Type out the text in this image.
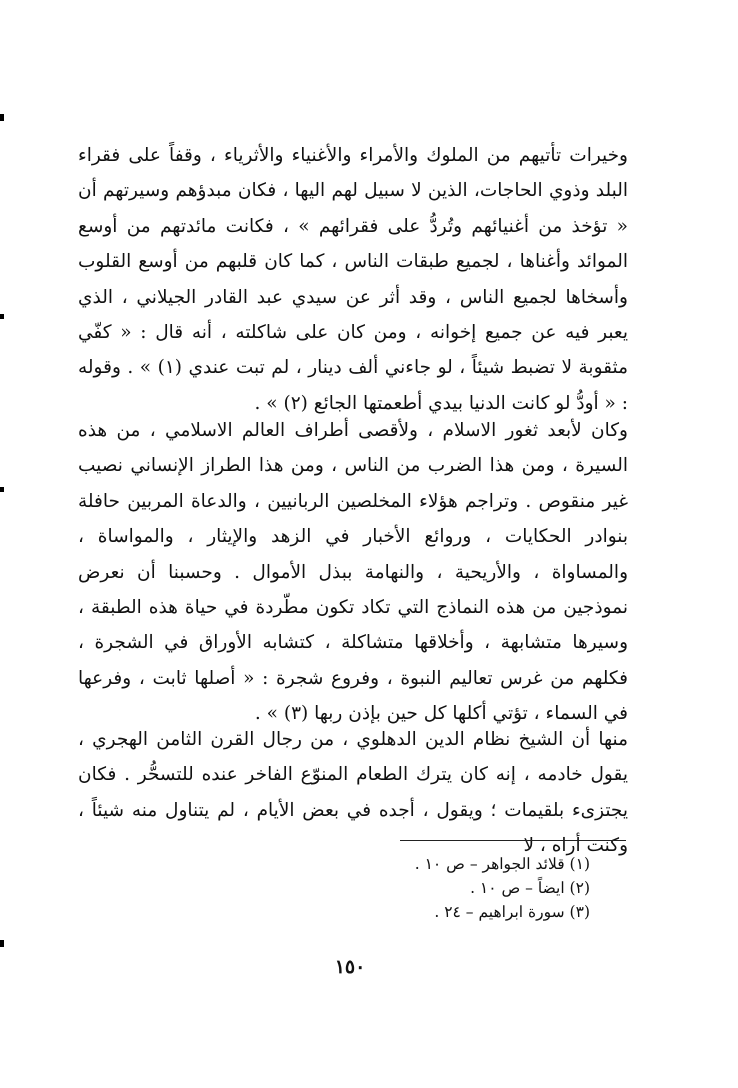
وخيرات تأتيهم من الملوك والأمراء والأغنياء والأثرياء ، وقفاً على فقراء البلد وذوي الحاجات، الذين لا سبيل لهم اليها ، فكان مبدؤهم وسيرتهم أن « تؤخذ من أغنيائهم وتُردُّ على فقرائهم » ، فكانت مائدتهم من أوسع الموائد وأغناها ، لجميع طبقات الناس ، كما كان قلبهم من أوسع القلوب وأسخاها لجميع الناس ، وقد أثر عن سيدي عبد القادر الجيلاني ، الذي يعبر فيه عن جميع إخوانه ، ومن كان على شاكلته ، أنه قال : « كفّي مثقوبة لا تضبط شيئاً ، لو جاءني ألف دينار ، لم تبت عندي (١) » . وقوله : « أودُّ لو كانت الدنيا بيدي أطعمتها الجائع (٢) » .

وكان لأبعد ثغور الاسلام ، ولأقصى أطراف العالم الاسلامي ، من هذه السيرة ، ومن هذا الضرب من الناس ، ومن هذا الطراز الإنساني نصيب غير منقوص . وتراجم هؤلاء المخلصين الربانيين ، والدعاة المربين حافلة بنوادر الحكايات ، وروائع الأخبار في الزهد والإيثار ، والمواساة ، والمساواة ، والأريحية ، والنهامة ببذل الأموال . وحسبنا أن نعرض نموذجين من هذه النماذج التي تكاد تكون مطّردة في حياة هذه الطبقة ، وسيرها متشابهة ، وأخلاقها متشاكلة ، كتشابه الأوراق في الشجرة ، فكلهم من غرس تعاليم النبوة ، وفروع شجرة : « أصلها ثابت ، وفرعها في السماء ، تؤتي أكلها كل حين بإذن ربها (٣) » .

منها أن الشيخ نظام الدين الدهلوي ، من رجال القرن الثامن الهجري ، يقول خادمه ، إنه كان يترك الطعام المنوّع الفاخر عنده للتسحُّر . فكان يجتزىء بلقيمات ؛ ويقول ، أجده في بعض الأيام ، لم يتناول منه شيئاً ، وكنت أراه ، لا

(١) قلائد الجواهر – ص ١٠ .
(٢) ايضاً – ص ١٠ .
(٣) سورة ابراهيم – ٢٤ .
١٥٠
